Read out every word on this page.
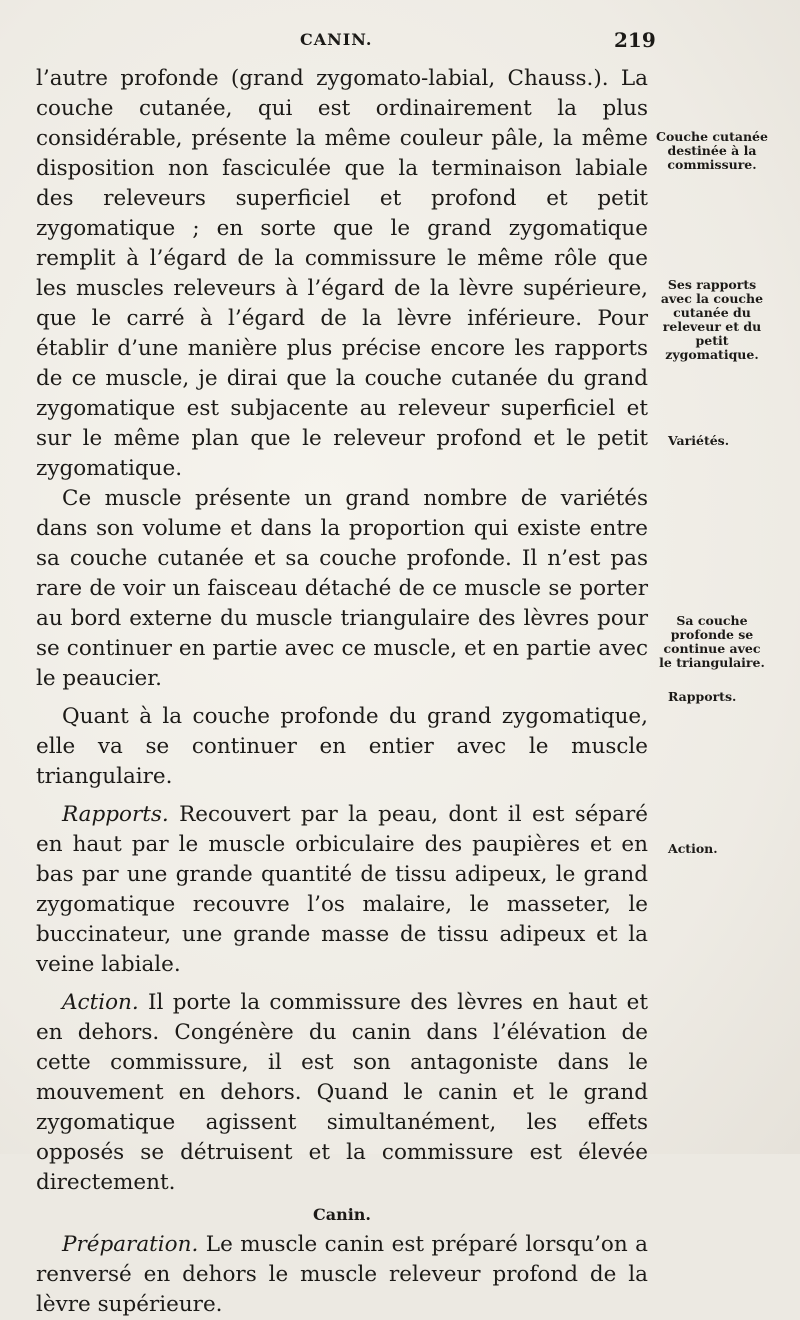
CANIN.	219

l’autre profonde (grand zygomato-labial, Chauss.). La couche cutanée, qui est ordinairement la plus considérable, présente la même couleur pâle, la même disposition non fasciculée que la terminaison labiale des releveurs superficiel et profond et petit zygomatique ; en sorte que le grand zygomatique remplit à l’égard de la commissure le même rôle que les muscles releveurs à l’égard de la lèvre supérieure, que le carré à l’égard de la lèvre inférieure. Pour établir d’une manière plus précise encore les rapports de ce muscle, je dirai que la couche cutanée du grand zygomatique est subjacente au releveur superficiel et sur le même plan que le releveur profond et le petit zygomatique.

Ce muscle présente un grand nombre de variétés dans son volume et dans la proportion qui existe entre sa couche cutanée et sa couche profonde. Il n’est pas rare de voir un faisceau détaché de ce muscle se porter au bord externe du muscle triangulaire des lèvres pour se continuer en partie avec ce muscle, et en partie avec le peaucier.

Quant à la couche profonde du grand zygomatique, elle va se continuer en entier avec le muscle triangulaire.

Rapports. Recouvert par la peau, dont il est séparé en haut par le muscle orbiculaire des paupières et en bas par une grande quantité de tissu adipeux, le grand zygomatique recouvre l’os malaire, le masseter, le buccinateur, une grande masse de tissu adipeux et la veine labiale.

Action. Il porte la commissure des lèvres en haut et en dehors. Congénère du canin dans l’élévation de cette commissure, il est son antagoniste dans le mouvement en dehors. Quand le canin et le grand zygomatique agissent simultanément, les effets opposés se détruisent et la commissure est élevée directement.

Canin.

Préparation. Le muscle canin est préparé lorsqu’on a renversé en dehors le muscle releveur profond de la lèvre supérieure.

Couche cutanée destinée à la commissure.
Ses rapports avec la couche cutanée du releveur et du petit zygomatique.
Variétés.
Sa couche profonde se continue avec le triangulaire.
Rapports.
Action.
